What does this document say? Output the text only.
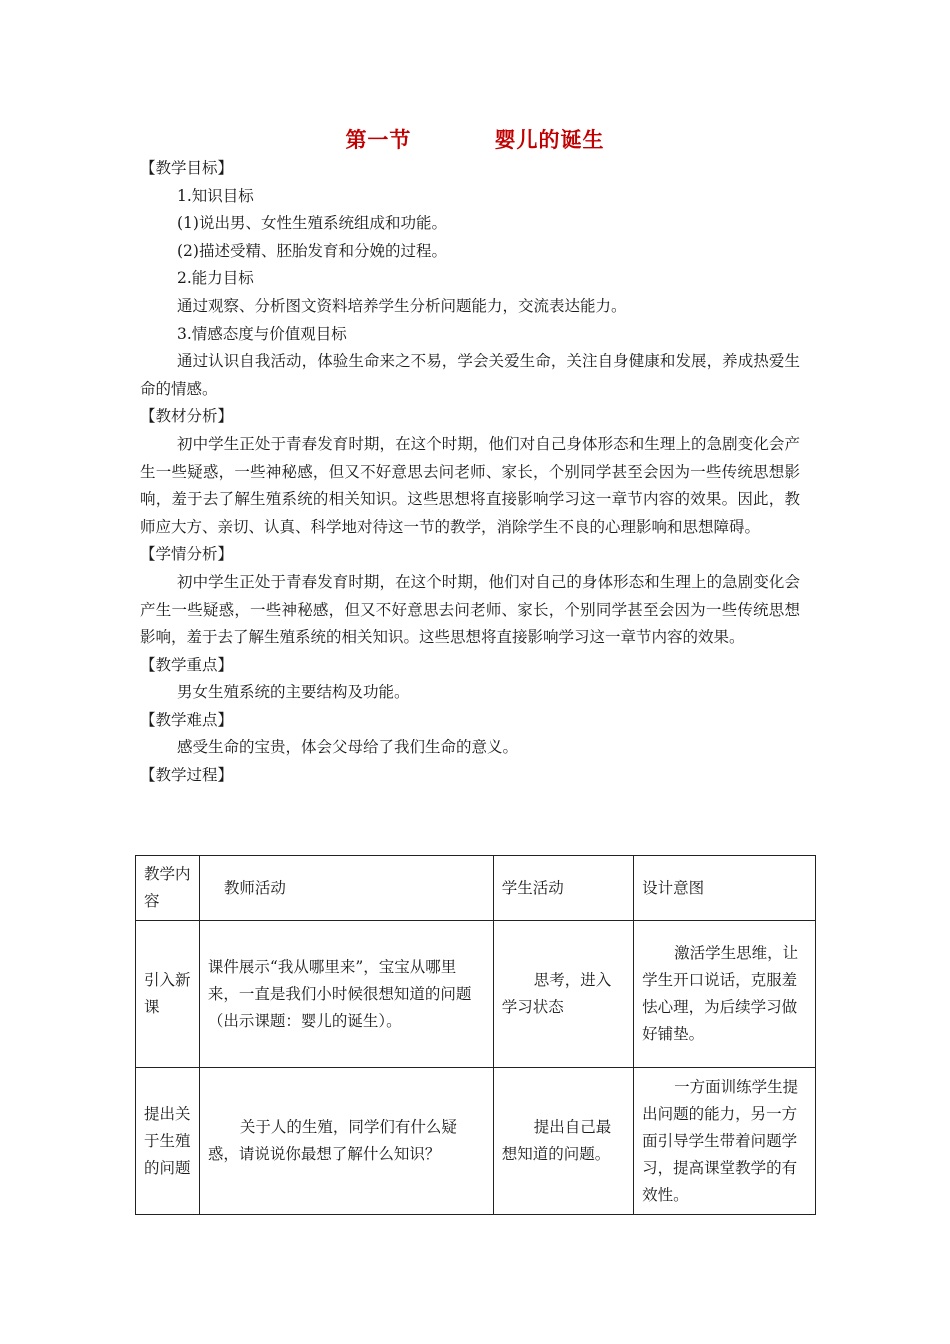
第一节          婴儿的诞生
【教学目标】
1.知识目标
(1)说出男、女性生殖系统组成和功能。
(2)描述受精、胚胎发育和分娩的过程。
2.能力目标
通过观察、分析图文资料培养学生分析问题能力，交流表达能力。
3.情感态度与价值观目标
通过认识自我活动，体验生命来之不易，学会关爱生命，关注自身健康和发展，养成热爱生命的情感。
【教材分析】
初中学生正处于青春发育时期，在这个时期，他们对自己身体形态和生理上的急剧变化会产生一些疑惑，一些神秘感，但又不好意思去问老师、家长，个别同学甚至会因为一些传统思想影响，羞于去了解生殖系统的相关知识。这些思想将直接影响学习这一章节内容的效果。因此，教师应大方、亲切、认真、科学地对待这一节的教学，消除学生不良的心理影响和思想障碍。
【学情分析】
初中学生正处于青春发育时期，在这个时期，他们对自己的身体形态和生理上的急剧变化会产生一些疑惑，一些神秘感，但又不好意思去问老师、家长，个别同学甚至会因为一些传统思想影响，羞于去了解生殖系统的相关知识。这些思想将直接影响学习这一章节内容的效果。
【教学重点】
男女生殖系统的主要结构及功能。
【教学难点】
感受生命的宝贵，体会父母给了我们生命的意义。
【教学过程】
教学内容	教师活动	学生活动	设计意图
引入新课	课件展示“我从哪里来”，宝宝从哪里来，一直是我们小时候很想知道的问题（出示课题：婴儿的诞生）。	思考，进入学习状态	激活学生思维，让学生开口说话，克服羞怯心理，为后续学习做好铺垫。
提出关于生殖的问题	关于人的生殖，同学们有什么疑惑，请说说你最想了解什么知识？	提出自己最想知道的问题。	一方面训练学生提出问题的能力，另一方面引导学生带着问题学习，提高课堂教学的有效性。
